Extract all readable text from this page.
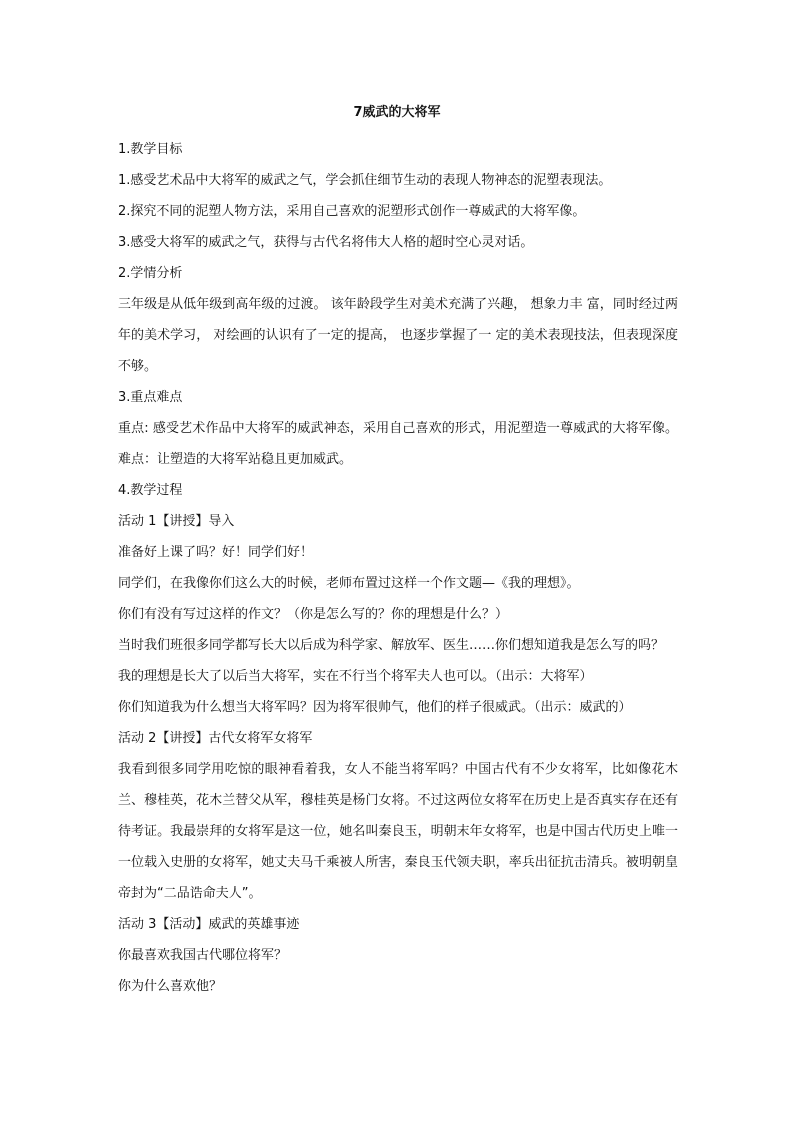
7威武的大将军

1.教学目标

1.感受艺术品中大将军的威武之气，学会抓住细节生动的表现人物神态的泥塑表现法。

2.探究不同的泥塑人物方法，采用自己喜欢的泥塑形式创作一尊威武的大将军像。

3.感受大将军的威武之气，获得与古代名将伟大人格的超时空心灵对话。

2.学情分析

三年级是从低年级到高年级的过渡。 该年龄段学生对美术充满了兴趣， 想象力丰 富，同时经过两年的美术学习， 对绘画的认识有了一定的提高， 也逐步掌握了一 定的美术表现技法，但表现深度不够。

3.重点难点

重点: 感受艺术作品中大将军的威武神态，采用自己喜欢的形式，用泥塑造一尊威武的大将军像。 难点：让塑造的大将军站稳且更加威武。

4.教学过程

活动 1【讲授】导入

准备好上课了吗？好！同学们好！

同学们，在我像你们这么大的时候，老师布置过这样一个作文题—《我的理想》。

你们有没有写过这样的作文？（你是怎么写的？你的理想是什么？）

当时我们班很多同学都写长大以后成为科学家、解放军、医生……你们想知道我是怎么写的吗？

我的理想是长大了以后当大将军，实在不行当个将军夫人也可以。（出示：大将军）

你们知道我为什么想当大将军吗？因为将军很帅气，他们的样子很威武。（出示：威武的）

活动 2【讲授】古代女将军女将军

我看到很多同学用吃惊的眼神看着我，女人不能当将军吗？中国古代有不少女将军，比如像花木兰、穆桂英，花木兰替父从军，穆桂英是杨门女将。不过这两位女将军在历史上是否真实存在还有待考证。我最崇拜的女将军是这一位，她名叫秦良玉，明朝末年女将军，也是中国古代历史上唯一一位载入史册的女将军，她丈夫马千乘被人所害，秦良玉代领夫职，率兵出征抗击清兵。被明朝皇帝封为“二品诰命夫人”。

活动 3【活动】威武的英雄事迹

你最喜欢我国古代哪位将军？

你为什么喜欢他？
